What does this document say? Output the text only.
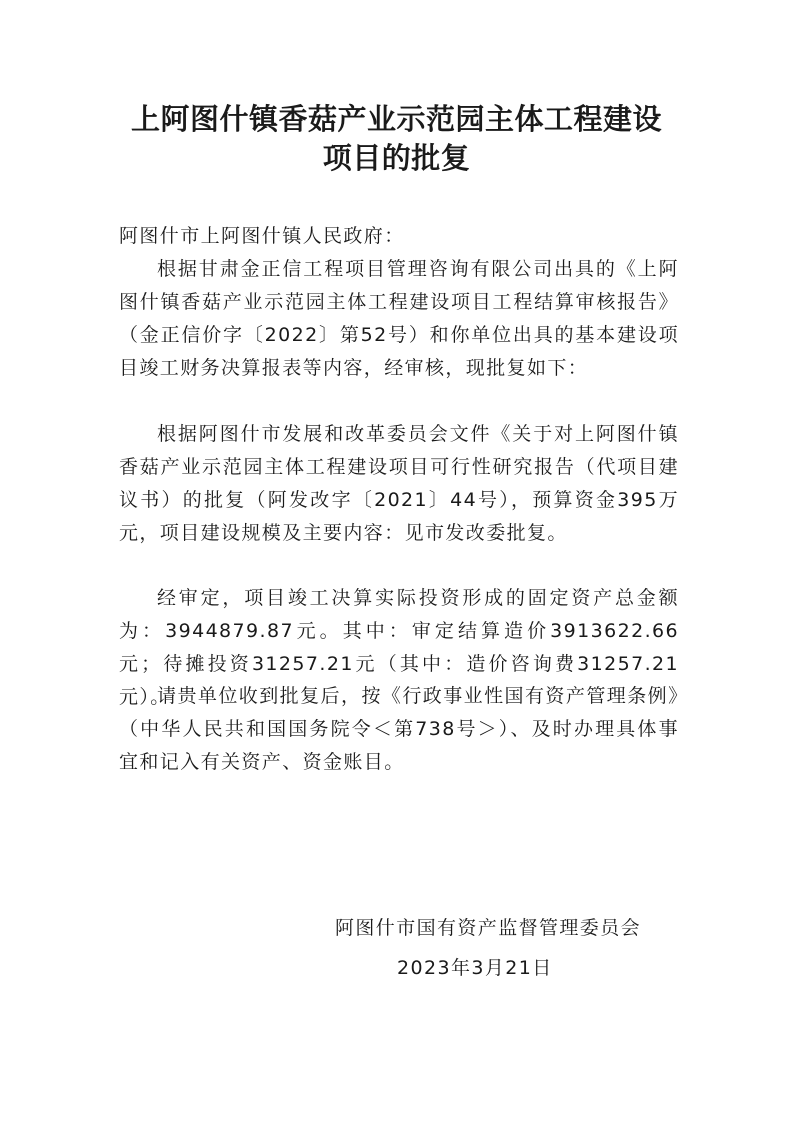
上阿图什镇香菇产业示范园主体工程建设
项目的批复
阿图什市上阿图什镇人民政府：
根据甘肃金正信工程项目管理咨询有限公司出具的《上阿图什镇香菇产业示范园主体工程建设项目工程结算审核报告》（金正信价字〔2022〕第52号）和你单位出具的基本建设项目竣工财务决算报表等内容，经审核，现批复如下：
根据阿图什市发展和改革委员会文件《关于对上阿图什镇香菇产业示范园主体工程建设项目可行性研究报告（代项目建议书）的批复（阿发改字〔2021〕44号），预算资金395万元，项目建设规模及主要内容：见市发改委批复。
经审定，项目竣工决算实际投资形成的固定资产总金额为：3944879.87元。其中：审定结算造价3913622.66元；待摊投资31257.21元（其中：造价咨询费31257.21元）。
请贵单位收到批复后，按《行政事业性国有资产管理条例》（中华人民共和国国务院令＜第738号＞）、及时办理具体事宜和记入有关资产、资金账目。
阿图什市国有资产监督管理委员会
2023年3月21日
